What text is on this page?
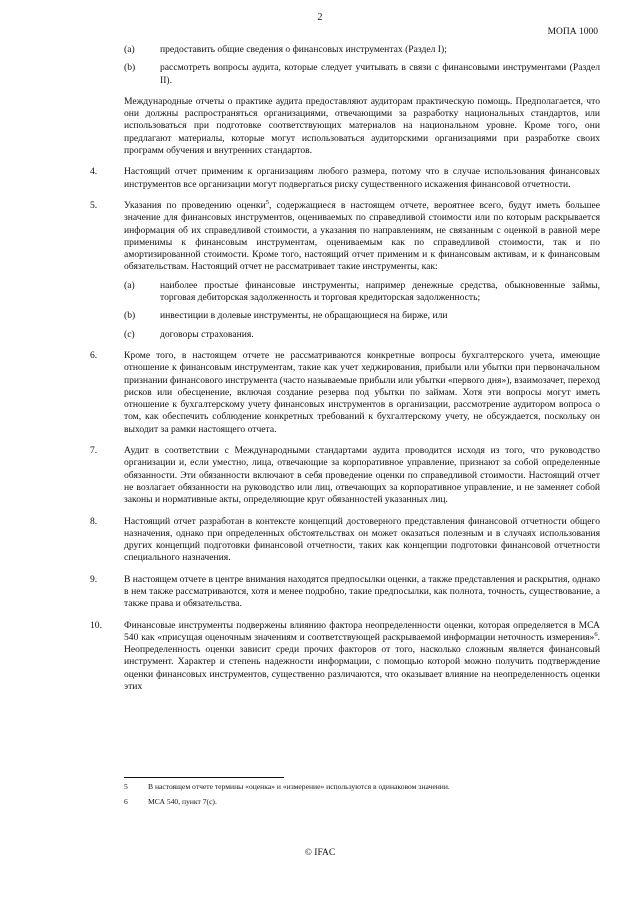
2
МОПА 1000
(a)	предоставить общие сведения о финансовых инструментах (Раздел I);
(b)	рассмотреть вопросы аудита, которые следует учитывать в связи с финансовыми инструментами (Раздел II).
Международные отчеты о практике аудита предоставляют аудиторам практическую помощь. Предполагается, что они должны распространяться организациями, отвечающими за разработку национальных стандартов, или использоваться при подготовке соответствующих материалов на национальном уровне. Кроме того, они предлагают материалы, которые могут использоваться аудиторскими организациями при разработке своих программ обучения и внутренних стандартов.
4.	Настоящий отчет применим к организациям любого размера, потому что в случае использования финансовых инструментов все организации могут подвергаться риску существенного искажения финансовой отчетности.
5.	Указания по проведению оценки$^5$, содержащиеся в настоящем отчете, вероятнее всего, будут иметь большее значение для финансовых инструментов, оцениваемых по справедливой стоимости или по которым раскрывается информация об их справедливой стоимости, а указания по направлениям, не связанным с оценкой в равной мере применимы к финансовым инструментам, оцениваемым как по справедливой стоимости, так и по амортизированной стоимости. Кроме того, настоящий отчет применим и к финансовым активам, и к финансовым обязательствам. Настоящий отчет не рассматривает такие инструменты, как:
(a)	наиболее простые финансовые инструменты, например денежные средства, обыкновенные займы, торговая дебиторская задолженность и торговая кредиторская задолженность;
(b)	инвестиции в долевые инструменты, не обращающиеся на бирже, или
(c)	договоры страхования.
6.	Кроме того, в настоящем отчете не рассматриваются конкретные вопросы бухгалтерского учета, имеющие отношение к финансовым инструментам, такие как учет хеджирования, прибыли или убытки при первоначальном признании финансового инструмента (часто называемые прибыли или убытки «первого дня»), взаимозачет, переход рисков или обесценение, включая создание резерва под убытки по займам. Хотя эти вопросы могут иметь отношение к бухгалтерскому учету финансовых инструментов в организации, рассмотрение аудитором вопроса о том, как обеспечить соблюдение конкретных требований к бухгалтерскому учету, не обсуждается, поскольку он выходит за рамки настоящего отчета.
7.	Аудит в соответствии с Международными стандартами аудита проводится исходя из того, что руководство организации и, если уместно, лица, отвечающие за корпоративное управление, признают за собой определенные обязанности. Эти обязанности включают в себя проведение оценки по справедливой стоимости. Настоящий отчет не возлагает обязанности на руководство или лиц, отвечающих за корпоративное управление, и не заменяет собой законы и нормативные акты, определяющие круг обязанностей указанных лиц.
8.	Настоящий отчет разработан в контексте концепций достоверного представления финансовой отчетности общего назначения, однако при определенных обстоятельствах он может оказаться полезным и в случаях использования других концепций подготовки финансовой отчетности, таких как концепции подготовки финансовой отчетности специального назначения.
9.	В настоящем отчете в центре внимания находятся предпосылки оценки, а также представления и раскрытия, однако в нем также рассматриваются, хотя и менее подробно, такие предпосылки, как полнота, точность, существование, а также права и обязательства.
10. Финансовые инструменты подвержены влиянию фактора неопределенности оценки, которая определяется в МСА 540 как «присущая оценочным значениям и соответствующей раскрываемой информации неточность измерения»$^6$. Неопределенность оценки зависит среди прочих факторов от того, насколько сложным является финансовый инструмент. Характер и степень надежности информации, с помощью которой можно получить подтверждение оценки финансовых инструментов, существенно различаются, что оказывает влияние на неопределенность оценки этих
5	В настоящем отчете термины «оценка» и «измерение» используются в одинаковом значении.
6	МСА 540, пункт 7(c).
© IFAC
